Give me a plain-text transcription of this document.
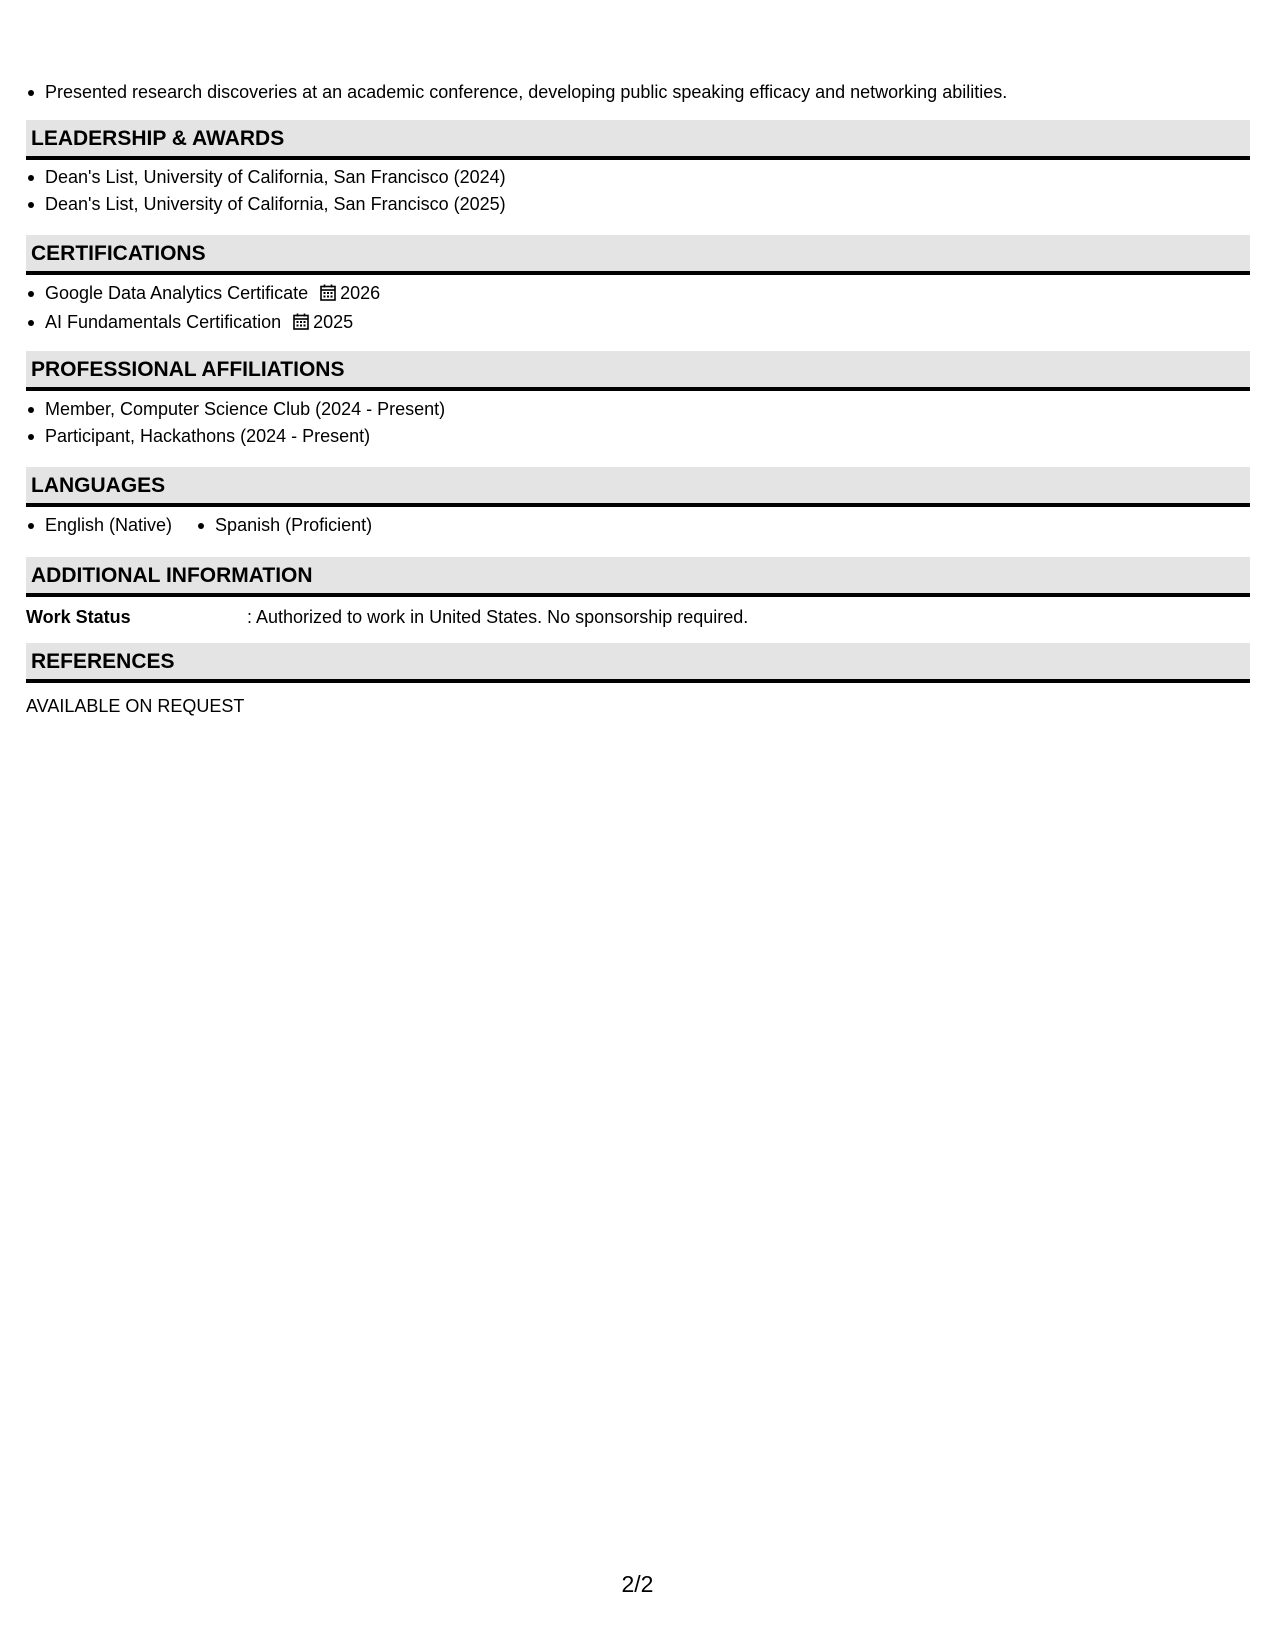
Presented research discoveries at an academic conference, developing public speaking efficacy and networking abilities.
LEADERSHIP & AWARDS
Dean's List, University of California, San Francisco (2024)
Dean's List, University of California, San Francisco (2025)
CERTIFICATIONS
Google Data Analytics Certificate 2026
AI Fundamentals Certification 2025
PROFESSIONAL AFFILIATIONS
Member, Computer Science Club (2024 - Present)
Participant, Hackathons (2024 - Present)
LANGUAGES
English (Native)	Spanish (Proficient)
ADDITIONAL INFORMATION
Work Status	: Authorized to work in United States. No sponsorship required.
REFERENCES
AVAILABLE ON REQUEST
2/2
